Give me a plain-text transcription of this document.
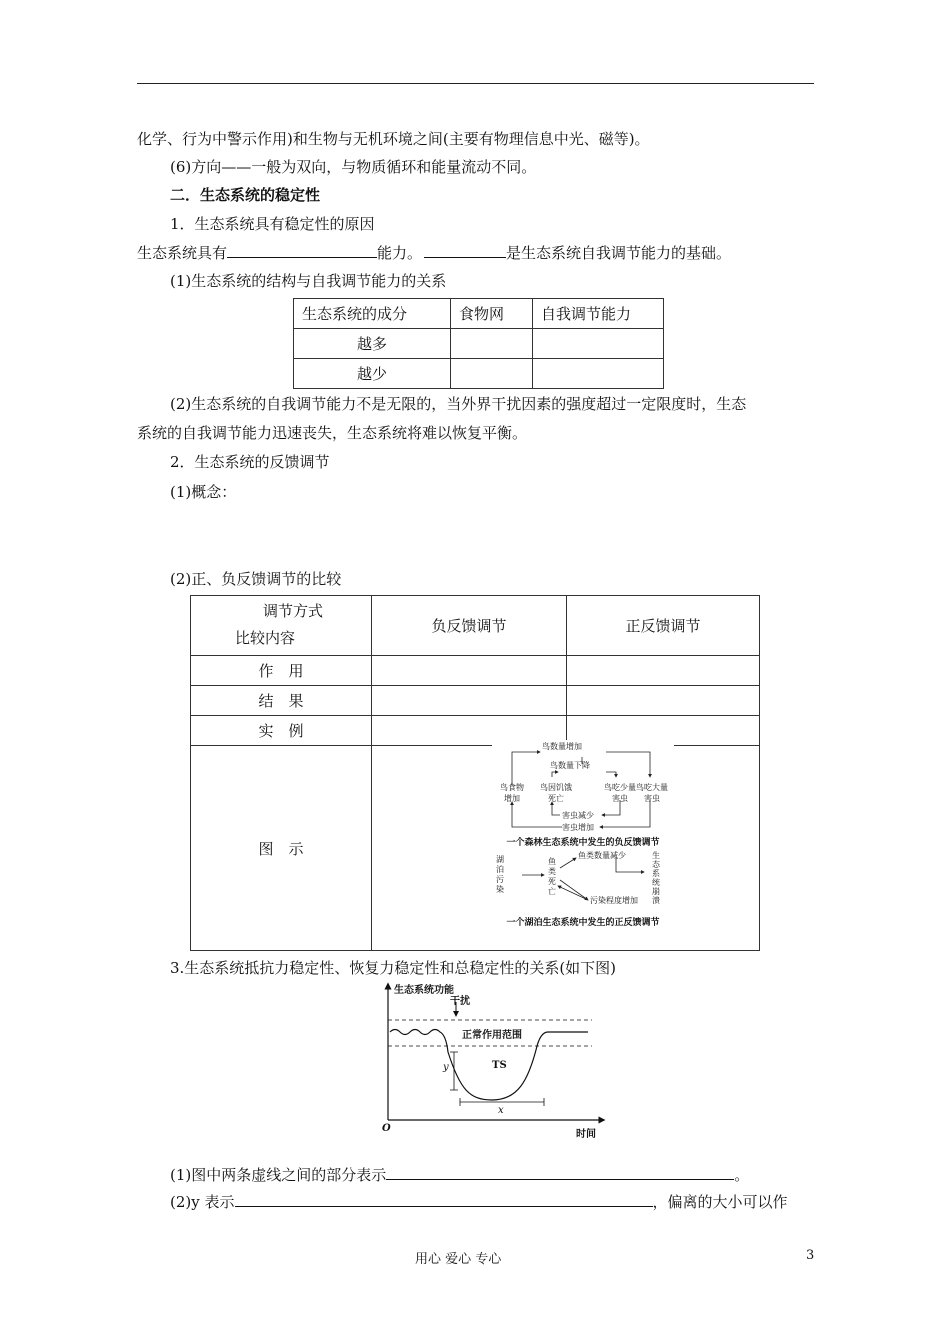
化学、行为中警示作用)和生物与无机环境之间(主要有物理信息中光、磁等)。
(6)方向——一般为双向，与物质循环和能量流动不同。
二．生态系统的稳定性
1．生态系统具有稳定性的原因
生态系统具有	能力。	是生态系统自我调节能力的基础。
(1)生态系统的结构与自我调节能力的关系
生态系统的成分	食物网	自我调节能力
越多		
越少		
(2)生态系统的自我调节能力不是无限的，当外界干扰因素的强度超过一定限度时，生态
系统的自我调节能力迅速丧失，生态系统将难以恢复平衡。
2．生态系统的反馈调节
(1)概念：
(2)正、负反馈调节的比较
调节方式
比较内容	负反馈调节	正反馈调节
作　用		
结　果		
实　例		
图　示		
鸟数量增加
鸟数量下降
鸟食物增加
鸟因饥饿死亡
鸟吃少量害虫
鸟吃大量害虫
害虫减少
害虫增加
一个森林生态系统中发生的负反馈调节
湖泊污染
鱼类死亡
鱼类数量减少	生态系统崩溃
污染程度增加
一个湖泊生态系统中发生的正反馈调节
3.生态系统抵抗力稳定性、恢复力稳定性和总稳定性的关系(如下图)
生态系统功能
干扰
正常作用范围
TS
y
x
O
时间
(1)图中两条虚线之间的部分表示	。
(2)y 表示	，偏离的大小可以作
用心 爱心 专心	3
